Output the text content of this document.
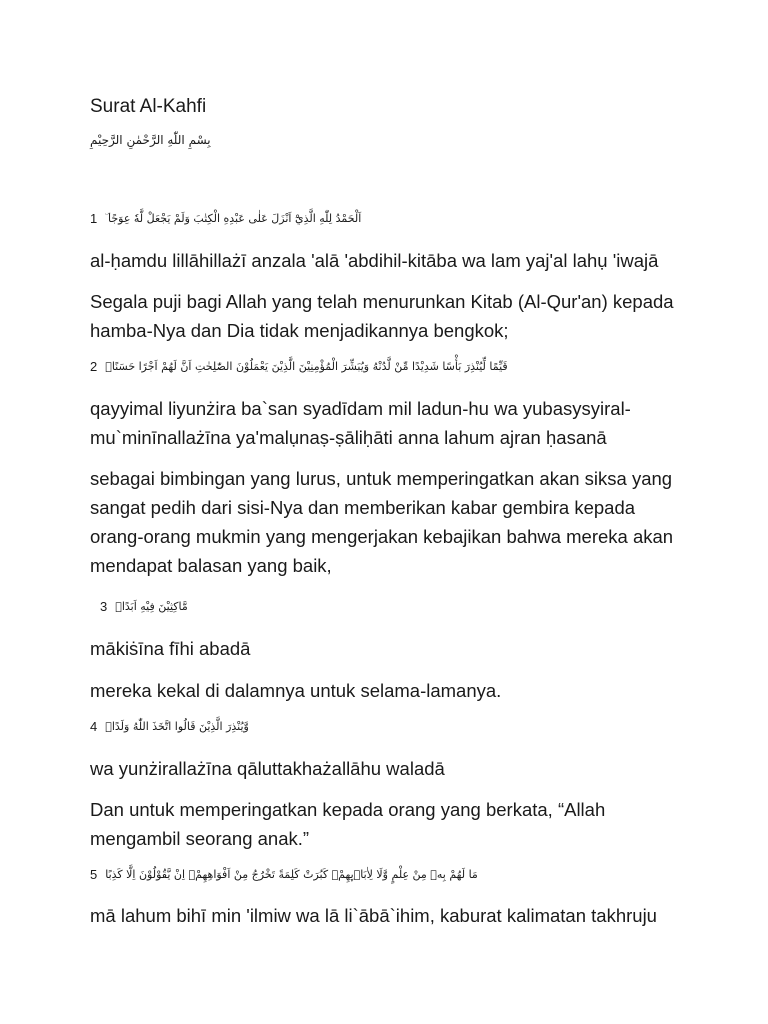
Surat Al-Kahfi
بِسْمِ اللّٰهِ الرَّحْمٰنِ الرَّحِيْمِ
1 اَلْحَمْدُ لِلّٰهِ الَّذِيْٓ اَنْزَلَ عَلٰى عَبْدِهِ الْكِتٰبَ وَلَمْ يَجْعَلْ لَّهٗ عِوَجًا ۜ
al-ḥamdu lillāhillażī anzala 'alā 'abdihil-kitāba wa lam yaj'al lahụ 'iwajā
Segala puji bagi Allah yang telah menurunkan Kitab (Al-Qur'an) kepada hamba-Nya dan Dia tidak menjadikannya bengkok;
2 قَيِّمًا لِّيُنْذِرَ بَأْسًا شَدِيْدًا مِّنْ لَّدُنْهُ وَيُبَشِّرَ الْمُؤْمِنِيْنَ الَّذِيْنَ يَعْمَلُوْنَ الصّٰلِحٰتِ اَنَّ لَهُمْ اَجْرًا حَسَنًاۙ
qayyimal liyunżira ba`san syadīdam mil ladun-hu wa yubasysyiral-mu`minīnallażīna ya'malụnaṣ-ṣāliḥāti anna lahum ajran ḥasanā
sebagai bimbingan yang lurus, untuk memperingatkan akan siksa yang sangat pedih dari sisi-Nya dan memberikan kabar gembira kepada orang-orang mukmin yang mengerjakan kebajikan bahwa mereka akan mendapat balasan yang baik,
3 مَّاكِثِيْنَ فِيْهِ اَبَدًاۙ
mākiṡīna fīhi abadā
mereka kekal di dalamnya untuk selama-lamanya.
4 وَّيُنْذِرَ الَّذِيْنَ قَالُوا اتَّخَذَ اللّٰهُ وَلَدًاۖ
wa yunżirallażīna qāluttakhażallāhu waladā
Dan untuk memperingatkan kepada orang yang berkata, “Allah mengambil seorang anak.”
5 مَا لَهُمْ بِهٖ مِنْ عِلْمٍ وَّلَا لِاٰبَاۤىِٕهِمْۗ كَبُرَتْ كَلِمَةً تَخْرُجُ مِنْ اَفْوَاهِهِمْۗ اِنْ يَّقُوْلُوْنَ اِلَّا كَذِبًا
mā lahum bihī min 'ilmiw wa lā li`ābā`ihim, kaburat kalimatan takhruju
